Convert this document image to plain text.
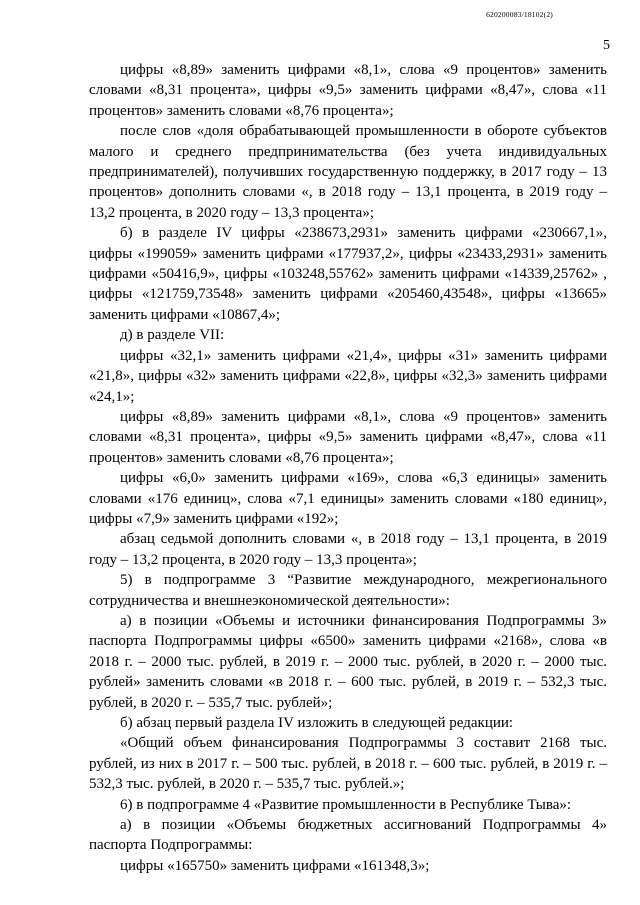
620200083/18102(2)
5

цифры «8,89» заменить цифрами «8,1», слова «9 процентов» заменить словами «8,31 процента», цифры «9,5» заменить цифрами «8,47», слова «11 процентов» заменить словами «8,76 процента»;

после слов «доля обрабатывающей промышленности в обороте субъектов малого и среднего предпринимательства (без учета индивидуальных предпринимателей), получивших государственную поддержку, в 2017 году – 13 процентов» дополнить словами «, в 2018 году – 13,1 процента, в 2019 году – 13,2 процента, в 2020 году – 13,3 процента»;

б) в разделе IV цифры «238673,2931» заменить цифрами «230667,1», цифры «199059» заменить цифрами «177937,2», цифры «23433,2931» заменить цифрами «50416,9», цифры «103248,55762» заменить цифрами «14339,25762» , цифры «121759,73548» заменить цифрами «205460,43548», цифры «13665» заменить цифрами «10867,4»;

д) в разделе VII:

цифры «32,1» заменить цифрами «21,4», цифры «31» заменить цифрами «21,8», цифры «32» заменить цифрами «22,8», цифры «32,3» заменить цифрами «24,1»;

цифры «8,89» заменить цифрами «8,1», слова «9 процентов» заменить словами «8,31 процента», цифры «9,5» заменить цифрами «8,47», слова «11 процентов» заменить словами «8,76 процента»;

цифры «6,0» заменить цифрами «169», слова «6,3 единицы» заменить словами «176 единиц», слова «7,1 единицы» заменить словами «180 единиц», цифры «7,9» заменить цифрами «192»;

абзац седьмой дополнить словами «, в 2018 году – 13,1 процента, в 2019 году – 13,2 процента, в 2020 году – 13,3 процента»;

5) в подпрограмме 3 “Развитие международного, межрегионального сотрудничества и внешнеэкономической деятельности»:

а) в позиции «Объемы и источники финансирования Подпрограммы 3» паспорта Подпрограммы цифры «6500» заменить цифрами «2168», слова «в 2018 г. – 2000 тыс. рублей, в 2019 г. – 2000 тыс. рублей, в 2020 г. – 2000 тыс. рублей» заменить словами «в 2018 г. – 600 тыс. рублей, в 2019 г. – 532,3 тыс. рублей, в 2020 г. – 535,7 тыс. рублей»;

б) абзац первый раздела IV изложить в следующей редакции:

«Общий объем финансирования Подпрограммы 3 составит 2168 тыс. рублей, из них в 2017 г. – 500 тыс. рублей, в 2018 г. – 600 тыс. рублей, в 2019 г. – 532,3 тыс. рублей, в 2020 г. – 535,7 тыс. рублей.»;

6) в подпрограмме 4 «Развитие промышленности в Республике Тыва»:

а) в позиции «Объемы бюджетных ассигнований Подпрограммы 4» паспорта Подпрограммы:

цифры «165750» заменить цифрами «161348,3»;
